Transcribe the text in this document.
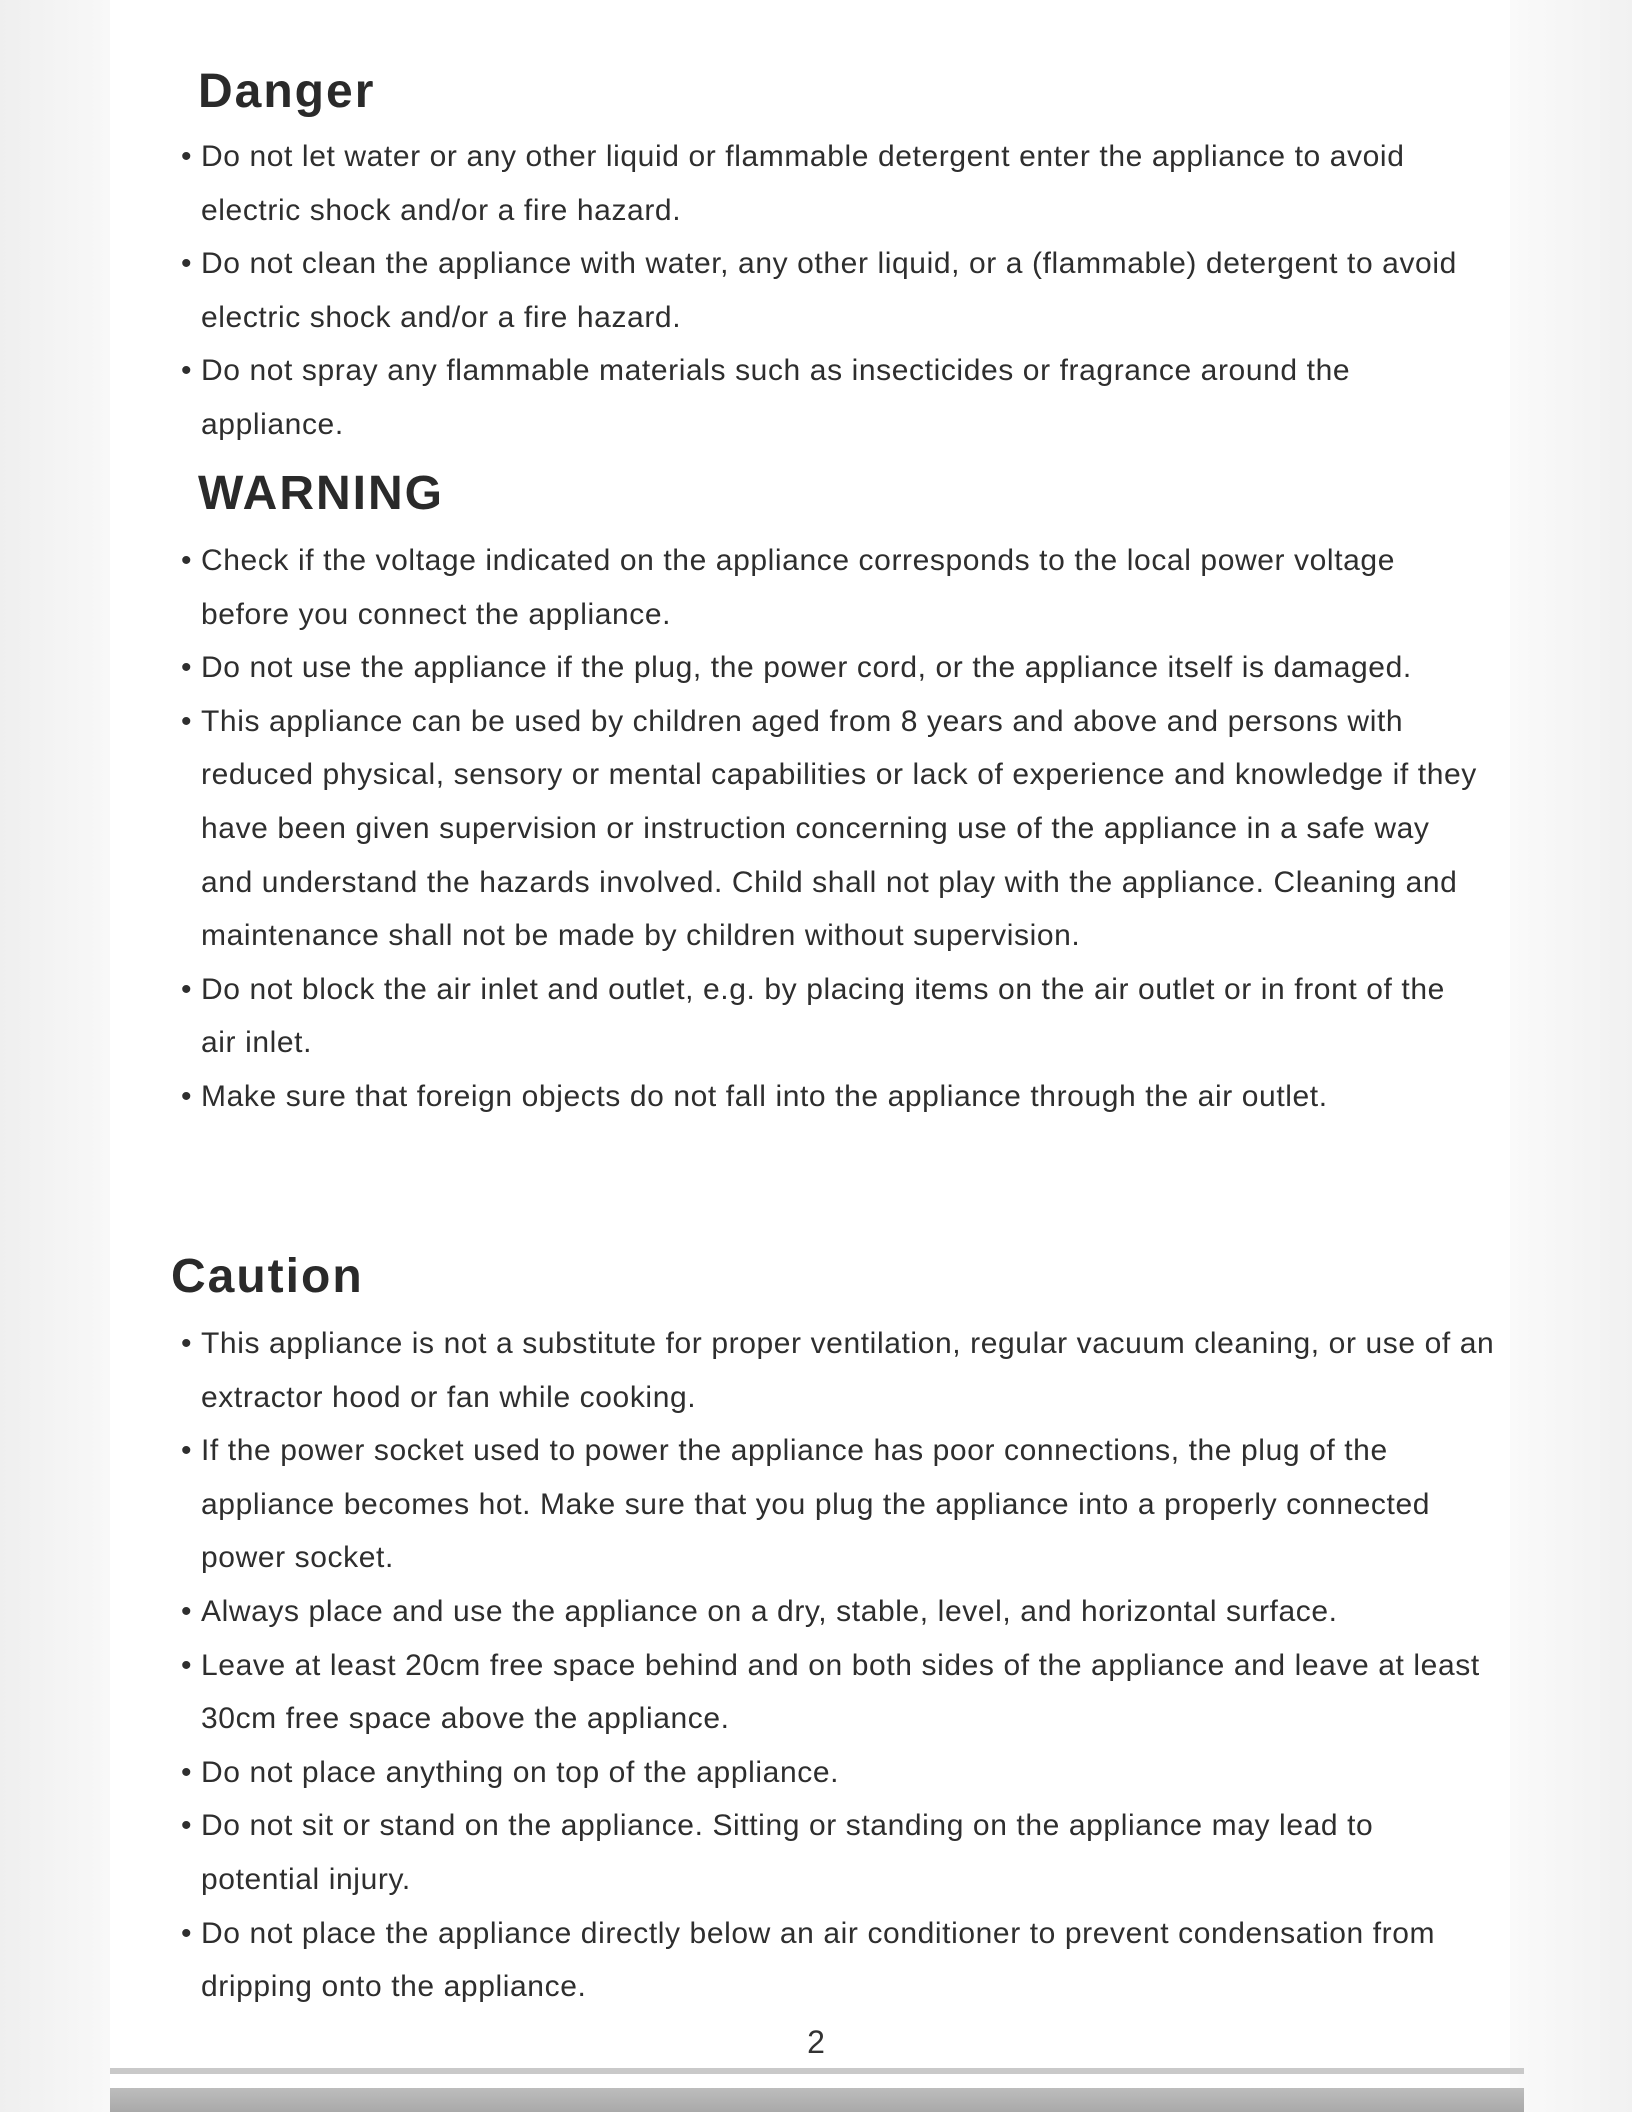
Danger
• Do not let water or any other liquid or flammable detergent enter the appliance to avoid electric shock and/or a fire hazard.
• Do not clean the appliance with water, any other liquid, or a (flammable) detergent to avoid electric shock and/or a fire hazard.
• Do not spray any flammable materials such as insecticides or fragrance around the appliance.
WARNING
• Check if the voltage indicated on the appliance corresponds to the local power voltage before you connect the appliance.
• Do not use the appliance if the plug, the power cord, or the appliance itself is damaged.
• This appliance can be used by children aged from 8 years and above and persons with reduced physical, sensory or mental capabilities or lack of experience and knowledge if they have been given supervision or instruction concerning use of the appliance in a safe way and understand the hazards involved. Child shall not play with the appliance. Cleaning and maintenance shall not be made by children without supervision.
• Do not block the air inlet and outlet, e.g. by placing items on the air outlet or in front of the air inlet.
• Make sure that foreign objects do not fall into the appliance through the air outlet.
Caution
• This appliance is not a substitute for proper ventilation, regular vacuum cleaning, or use of an extractor hood or fan while cooking.
• If the power socket used to power the appliance has poor connections, the plug of the appliance becomes hot. Make sure that you plug the appliance into a properly connected power socket.
• Always place and use the appliance on a dry, stable, level, and horizontal surface.
• Leave at least 20cm free space behind and on both sides of the appliance and leave at least 30cm free space above the appliance.
• Do not place anything on top of the appliance.
• Do not sit or stand on the appliance. Sitting or standing on the appliance may lead to potential injury.
• Do not place the appliance directly below an air conditioner to prevent condensation from dripping onto the appliance.
2
